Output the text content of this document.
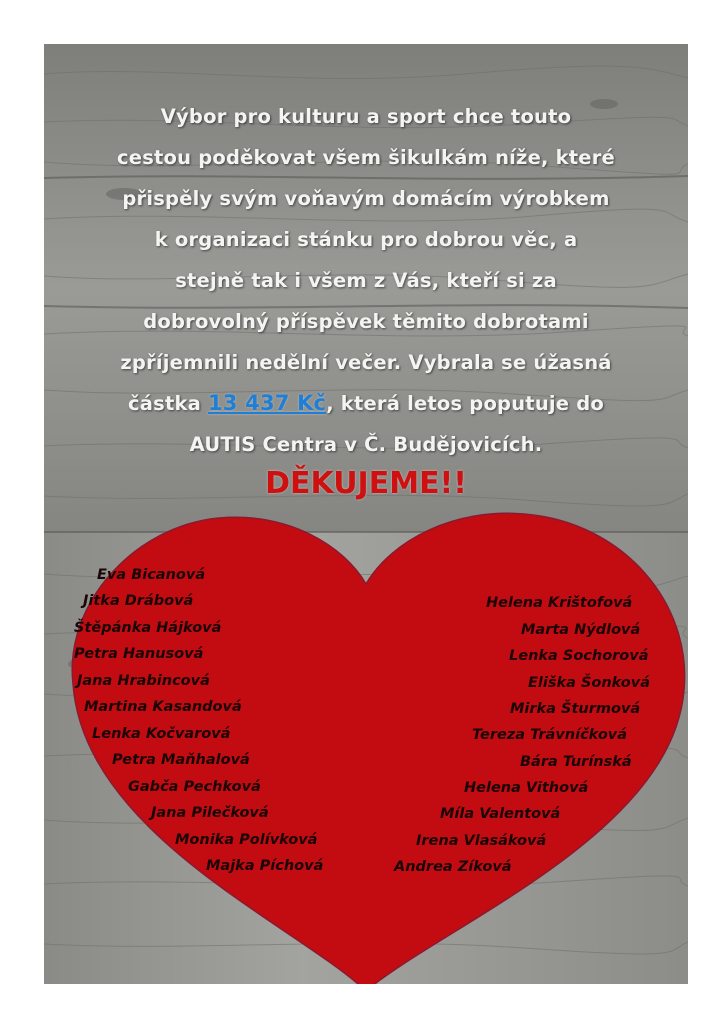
Výbor pro kulturu a sport chce touto
cestou poděkovat všem šikulkám níže, které
přispěly svým voňavým domácím výrobkem
k organizaci stánku pro dobrou věc, a
stejně tak i všem z Vás, kteří si za
dobrovolný příspěvek těmito dobrotami
zpříjemnili nedělní večer. Vybrala se úžasná
částka 13 437 Kč, která letos poputuje do
AUTIS Centra v Č. Budějovicích.

DĚKUJEME!!

Eva Bicanová

Jitka Drábová

Štěpánka Hájková

Petra Hanusová

Jana Hrabincová

Martina Kasandová

Lenka Kočvarová

Petra Maňhalová

Gabča Pechková

Jana Pilečková

Monika Polívková

Majka Píchová

Helena Krištofová

Marta Nýdlová

Lenka Sochorová

Eliška Šonková

Mirka Šturmová

Tereza Trávníčková

Bára Turínská

Helena Vithová

Míla Valentová

Irena Vlasáková

Andrea Zíková
